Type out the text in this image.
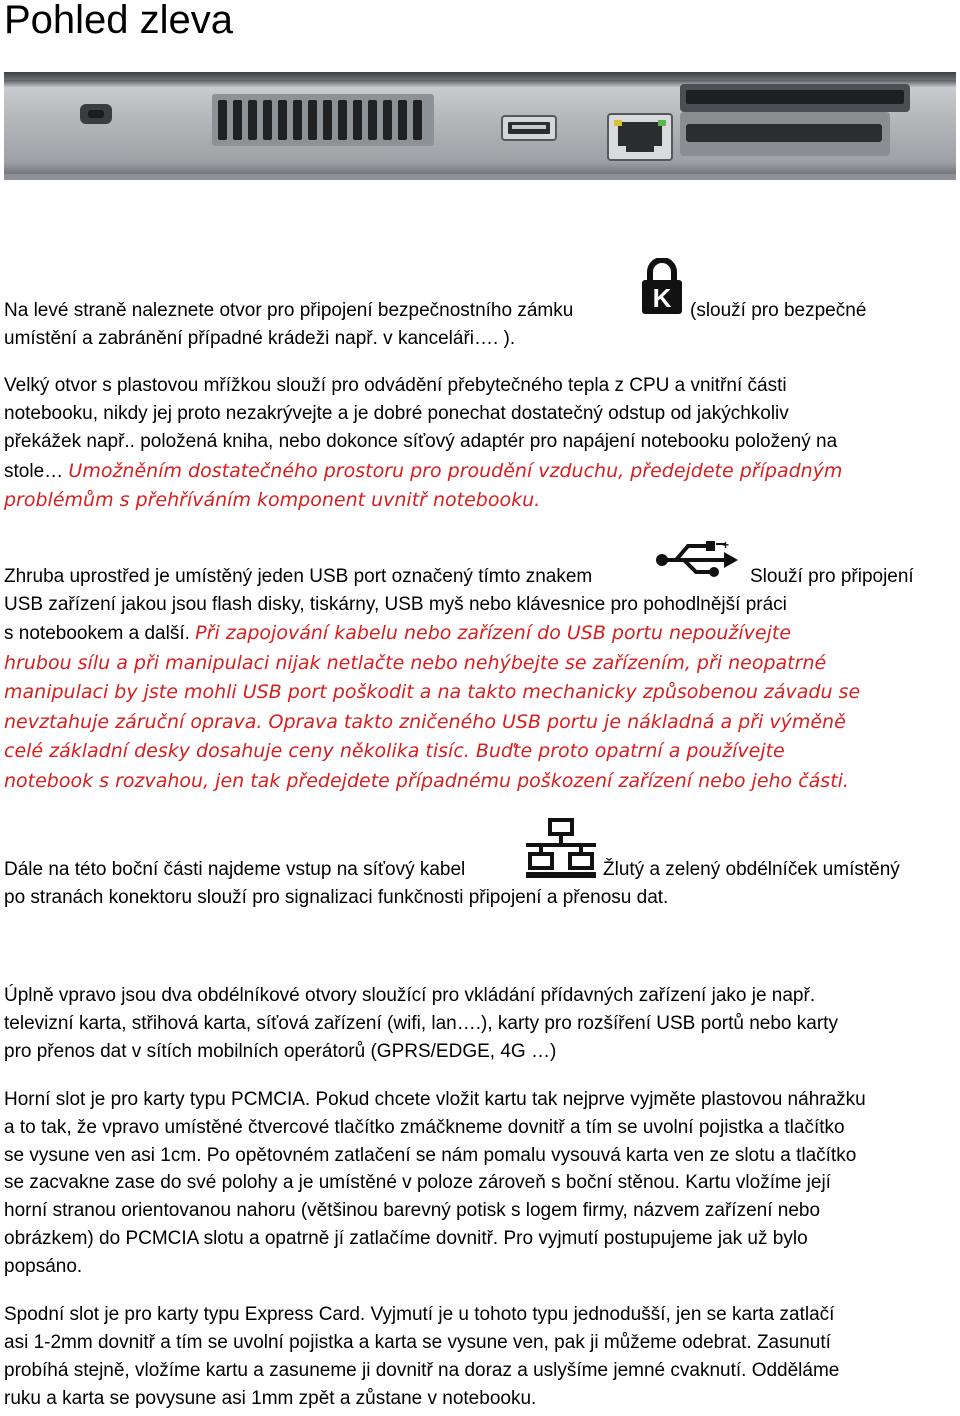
Pohled zleva
Na levé straně naleznete otvor pro připojení bezpečnostního zámku	K (slouží pro bezpečné
umístění a zabránění případné krádeži např. v kanceláři…. ).
Velký otvor s plastovou mřížkou slouží pro odvádění přebytečného tepla z CPU a vnitřní části
notebooku, nikdy jej proto nezakrývejte a je dobré ponechat dostatečný odstup od jakýchkoliv
překážek např.. položená kniha, nebo dokonce síťový adaptér pro napájení notebooku položený na
stole… Umožněním dostatečného prostoru pro proudění vzduchu, předejdete případným
problémům s přehříváním komponent uvnitř notebooku.
Zhruba uprostřed je umístěný jeden USB port označený tímto znakem
+
Slouží pro připojení
USB zařízení jakou jsou flash disky, tiskárny, USB myš nebo klávesnice pro pohodlnější práci
s notebookem a další. Při zapojování kabelu nebo zařízení do USB portu nepoužívejte
hrubou sílu a při manipulaci nijak netlačte nebo nehýbejte se zařízením, při neopatrné
manipulaci by jste mohli USB port poškodit a na takto mechanicky způsobenou závadu se
nevztahuje záruční oprava. Oprava takto zničeného USB portu je nákladná a při výměně
celé základní desky dosahuje ceny několika tisíc. Buďte proto opatrní a používejte
notebook s rozvahou, jen tak předejdete případnému poškození zařízení nebo jeho části.
Dále na této boční části najdeme vstup na síťový kabel	Žlutý a zelený obdélníček umístěný
po stranách konektoru slouží pro signalizaci funkčnosti připojení a přenosu dat.
Úplně vpravo jsou dva obdélníkové otvory sloužící pro vkládání přídavných zařízení jako je např.
televizní karta, střihová karta, síťová zařízení (wifi, lan….), karty pro rozšíření USB portů nebo karty
pro přenos dat v sítích mobilních operátorů (GPRS/EDGE, 4G …)
Horní slot je pro karty typu PCMCIA. Pokud chcete vložit kartu tak nejprve vyjměte plastovou náhražku
a to tak, že vpravo umístěné čtvercové tlačítko zmáčkneme dovnitř a tím se uvolní pojistka a tlačítko
se vysune ven asi 1cm. Po opětovném zatlačení se nám pomalu vysouvá karta ven ze slotu a tlačítko
se zacvakne zase do své polohy a je umístěné v poloze zároveň s boční stěnou. Kartu vložíme její
horní stranou orientovanou nahoru (většinou barevný potisk s logem firmy, názvem zařízení nebo
obrázkem) do PCMCIA slotu a opatrně jí zatlačíme dovnitř. Pro vyjmutí postupujeme jak už bylo
popsáno.
Spodní slot je pro karty typu Express Card. Vyjmutí je u tohoto typu jednodušší, jen se karta zatlačí
asi 1-2mm dovnitř a tím se uvolní pojistka a karta se vysune ven, pak ji můžeme odebrat. Zasunutí
probíhá stejně, vložíme kartu a zasuneme ji dovnitř na doraz a uslyšíme jemné cvaknutí. Odděláme
ruku a karta se povysune asi 1mm zpět a zůstane v notebooku.
